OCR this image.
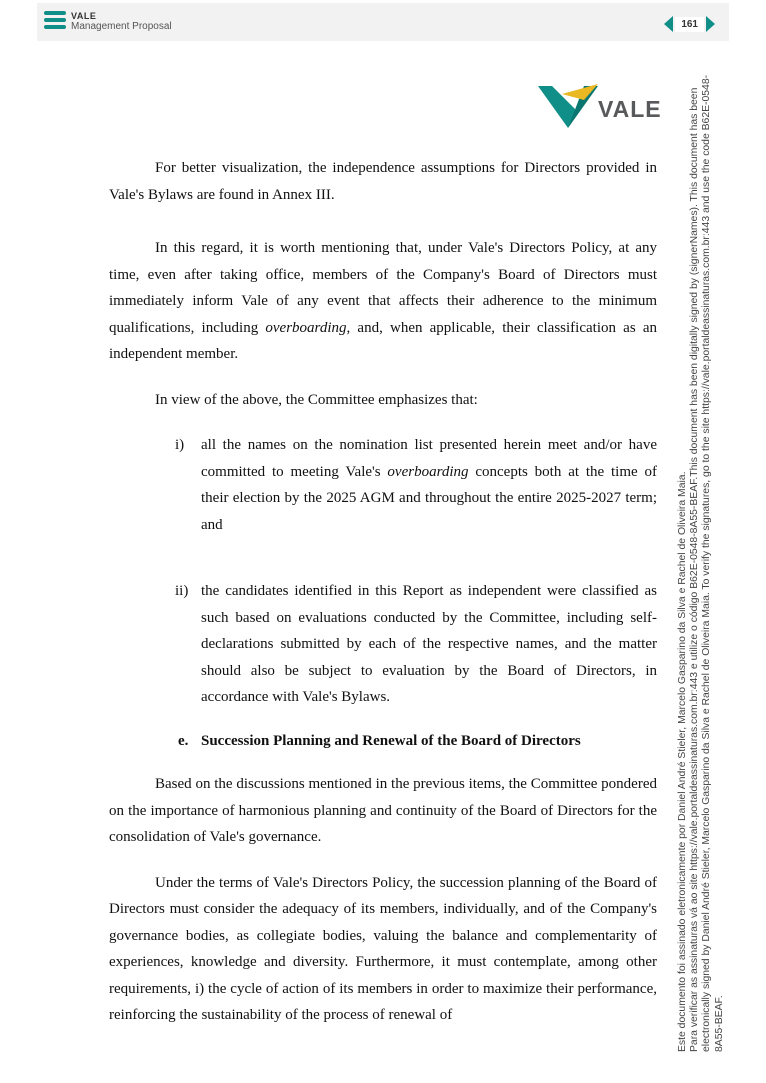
VALE
Management Proposal	161
VALE

For better visualization, the independence assumptions for Directors provided in Vale's Bylaws are found in Annex III.

In this regard, it is worth mentioning that, under Vale's Directors Policy, at any time, even after taking office, members of the Company's Board of Directors must immediately inform Vale of any event that affects their adherence to the minimum qualifications, including overboarding, and, when applicable, their classification as an independent member.

In view of the above, the Committee emphasizes that:

i) all the names on the nomination list presented herein meet and/or have committed to meeting Vale's overboarding concepts both at the time of their election by the 2025 AGM and throughout the entire 2025-2027 term; and

ii) the candidates identified in this Report as independent were classified as such based on evaluations conducted by the Committee, including self-declarations submitted by each of the respective names, and the matter should also be subject to evaluation by the Board of Directors, in accordance with Vale's Bylaws.

e. Succession Planning and Renewal of the Board of Directors

Based on the discussions mentioned in the previous items, the Committee pondered on the importance of harmonious planning and continuity of the Board of Directors for the consolidation of Vale's governance.

Under the terms of Vale's Directors Policy, the succession planning of the Board of Directors must consider the adequacy of its members, individually, and of the Company's governance bodies, as collegiate bodies, valuing the balance and complementarity of experiences, knowledge and diversity. Furthermore, it must contemplate, among other requirements, i) the cycle of action of its members in order to maximize their performance, reinforcing the sustainability of the process of renewal of	Este documento foi assinado eletronicamente por Daniel André Stieler, Marcelo Gasparino da Silva e Rachel de Oliveira Maia. Para verificar as assinaturas vá ao site https://vale.portaldeassinaturas.com.br:443 e utilize o código B62E-0548-8A55-BEAF.This document has been digitally signed by (signerNames). This document has been electronically signed by Daniel André Stieler, Marcelo Gasparino da Silva e Rachel de Oliveira Maia. To verify the signatures, go to the site https://vale.portaldeassinaturas.com.br:443 and use the code B62E-0548- 8A55-BEAF.
